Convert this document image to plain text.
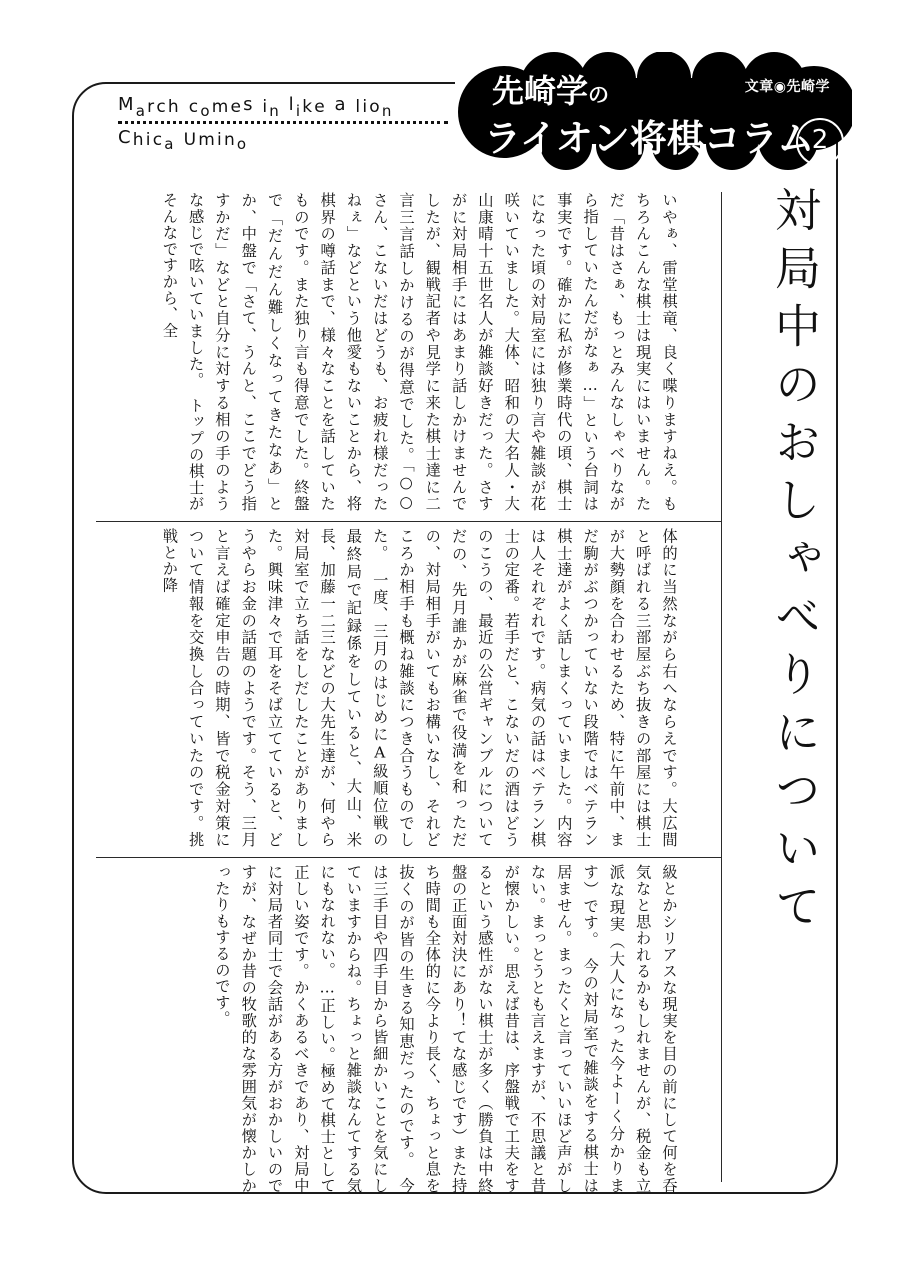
March comes in like a lion
Chica Umino
先崎学の
ライオン将棋コラム
文章◉先崎学
2
対局中のおしゃべりについて

いやぁ、雷堂棋竜、良く喋りますねえ。もちろんこんな棋士は現実にはいません。ただ「昔はさぁ、もっとみんなしゃべりながら指していたんだがなぁ…」という台詞は事実です。確かに私が修業時代の頃、棋士になった頃の対局室には独り言や雑談が花咲いていました。大体、昭和の大名人・大山康晴十五世名人が雑談好きだった。さすがに対局相手にはあまり話しかけませんでしたが、観戦記者や見学に来た棋士達に二言三言話しかけるのが得意でした。「○○さん、こないだはどうも、お疲れ様だったねぇ」などという他愛もないことから、将棋界の噂話まで、様々なことを話していたものです。また独り言も得意でした。終盤で「だんだん難しくなってきたなあ」とか、中盤で「さて、うんと、ここでどう指すかだ」などと自分に対する相の手のような感じで呟いていました。　トップの棋士がそんなですから、全

体的に当然ながら右へならえです。大広間と呼ばれる三部屋ぶち抜きの部屋には棋士が大勢顔を合わせるため、特に午前中、まだ駒がぶつかっていない段階ではベテラン棋士達がよく話しまくっていました。内容は人それぞれです。病気の話はベテラン棋士の定番。若手だと、こないだの酒はどうのこうの、最近の公営ギャンブルについてだの、先月誰かが麻雀で役満を和っただの、対局相手がいてもお構いなし、それどころか相手も概ね雑談につき合うものでした。　一度、三月のはじめにA級順位戦の最終局で記録係をしていると、大山、米長、加藤一二三などの大先生達が、何やら対局室で立ち話をしだしたことがありました。興味津々で耳をそば立てていると、どうやらお金の話題のようです。そう、三月と言えば確定申告の時期、皆で税金対策について情報を交換し合っていたのです。挑戦とか降

級とかシリアスな現実を目の前にして何を呑気なと思われるかもしれませんが、税金も立派な現実（大人になった今よーく分かります）です。　今の対局室で雑談をする棋士は居ません。まったくと言っていいほど声がしない。まっとうとも言えますが、不思議と昔が懐かしい。思えば昔は、序盤戦で工夫をするという感性がない棋士が多く（勝負は中終盤の正面対決にあり！てな感じです）また持ち時間も全体的に今より長く、ちょっと息を抜くのが皆の生きる知恵だったのです。　今は三手目や四手目から皆細かいことを気にしていますからね。ちょっと雑談なんてする気にもなれない。…正しい。極めて棋士として正しい姿です。かくあるべきであり、対局中に対局者同士で会話がある方がおかしいのですが、なぜか昔の牧歌的な雰囲気が懐かしかったりもするのです。
